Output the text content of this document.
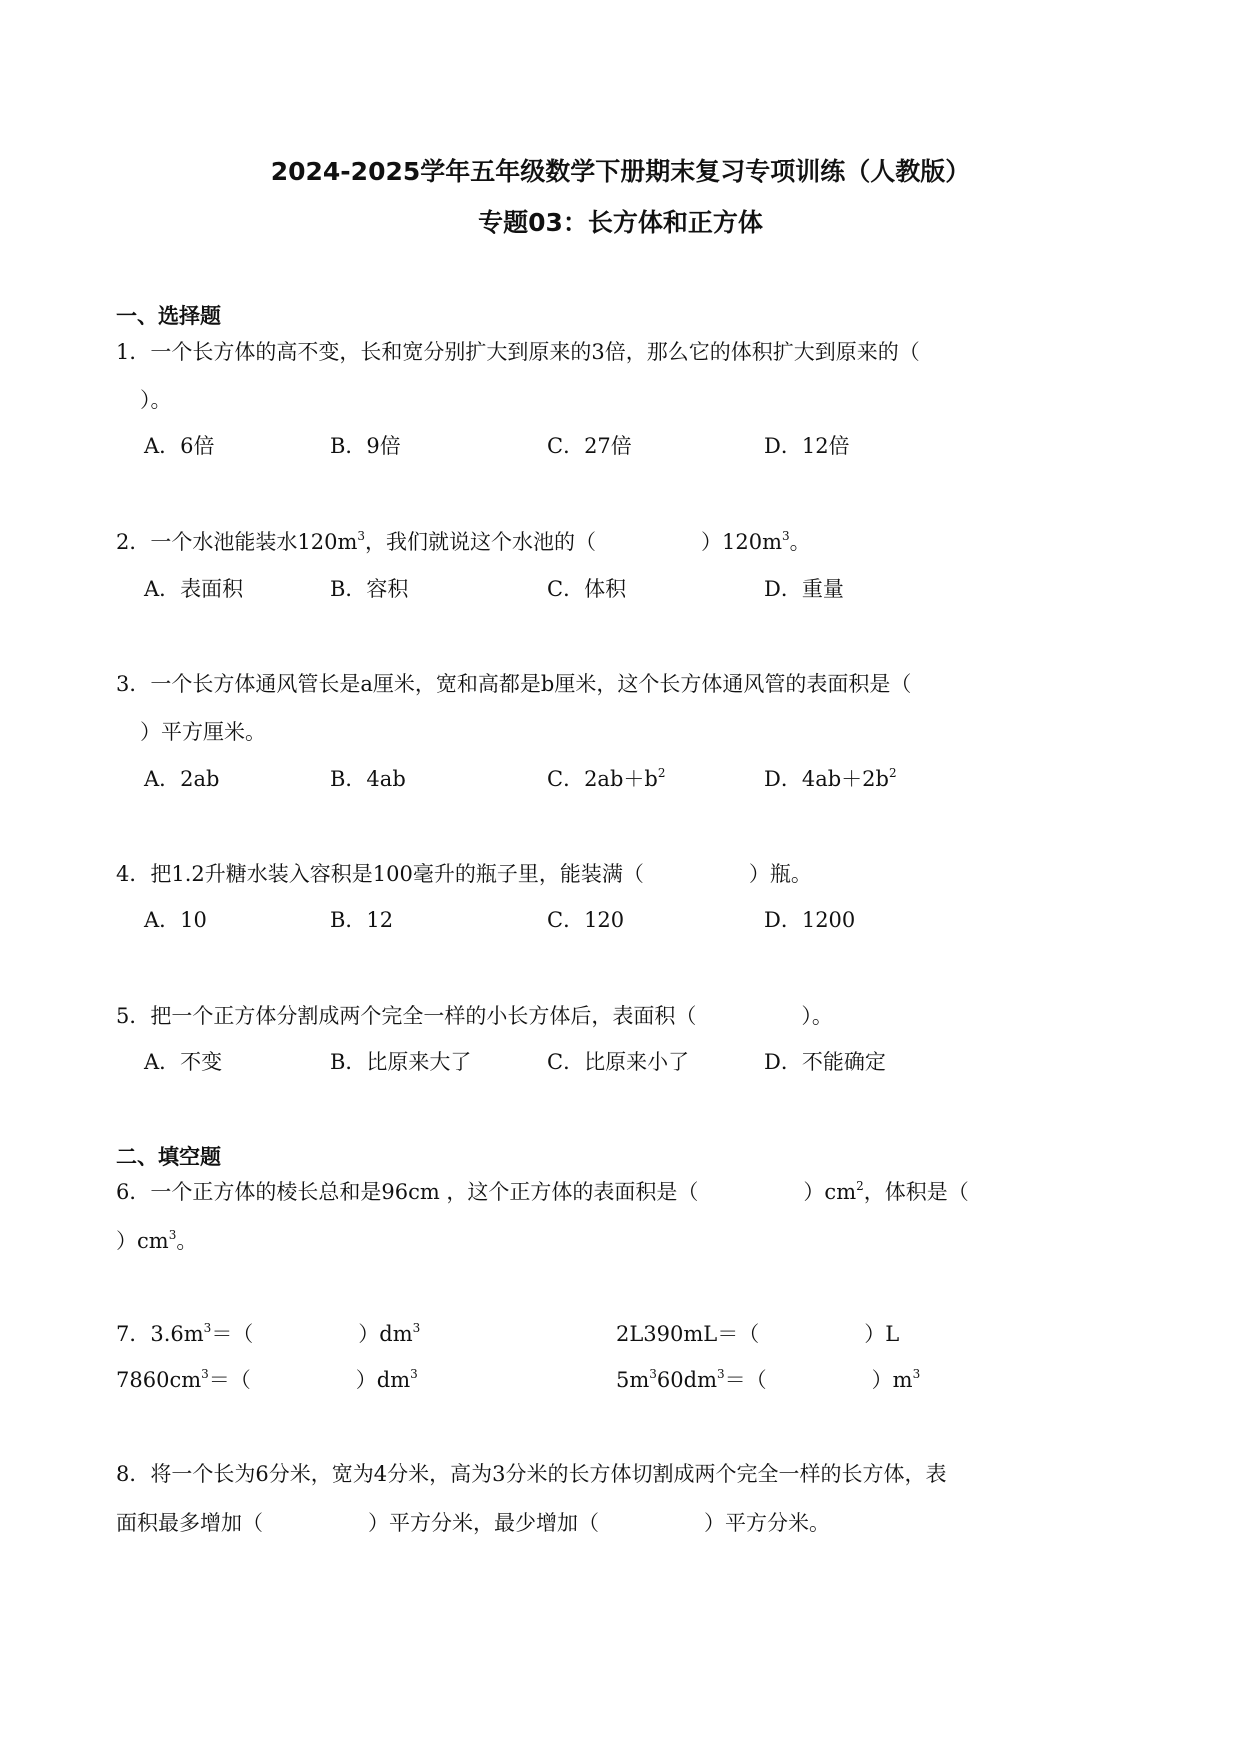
2024-2025学年五年级数学下册期末复习专项训练（人教版）
专题03：长方体和正方体
一、选择题
1．一个长方体的高不变，长和宽分别扩大到原来的3倍，那么它的体积扩大到原来的（
）。
A．6倍	B．9倍	C．27倍	D．12倍
2．一个水池能装水$120m^3$，我们就说这个水池的（　　　　　）$120m^3$。
A．表面积	B．容积	C．体积	D．重量
3．一个长方体通风管长是a厘米，宽和高都是b厘米，这个长方体通风管的表面积是（
）平方厘米。
A．2ab	B．4ab	C．$2ab+b^2$	D．$4ab+2b^2$
4．把1.2升糖水装入容积是100毫升的瓶子里，能装满（　　　　　）瓶。
A．10	B．12	C．120	D．1200
5．把一个正方体分割成两个完全一样的小长方体后，表面积（　　　　　）。
A．不变	B．比原来大了	C．比原来小了	D．不能确定
二、填空题
6．一个正方体的棱长总和是96cm ，这个正方体的表面积是（　　　　　）$cm^2$，体积是（
）$cm^3$。
7．$3.6m^3=$（　　　　　）$dm^3$	2L390mL＝（　　　　　）L
$7860cm^3=$（　　　　　）$dm^3$	$5m^360dm^3=$（　　　　　）$m^3$
8．将一个长为6分米，宽为4分米，高为3分米的长方体切割成两个完全一样的长方体，表
面积最多增加（　　　　　）平方分米，最少增加（　　　　　）平方分米。
